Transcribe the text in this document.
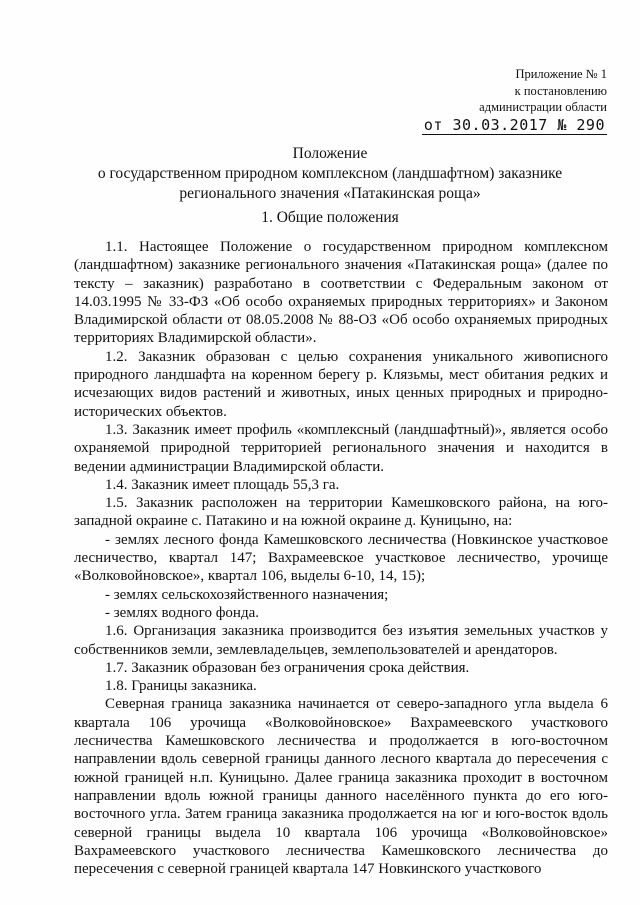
Приложение № 1
к постановлению
администрации области
от 30.03.2017 № 290
Положение
о государственном природном комплексном (ландшафтном) заказнике
регионального значения «Патакинская роща»
1. Общие положения

1.1. Настоящее Положение о государственном природном комплексном (ландшафтном) заказнике регионального значения «Патакинская роща» (далее по тексту – заказник) разработано в соответствии с Федеральным законом от 14.03.1995 № 33-ФЗ «Об особо охраняемых природных территориях» и Законом Владимирской области от 08.05.2008 № 88-ОЗ «Об особо охраняемых природных территориях Владимирской области».

1.2. Заказник образован с целью сохранения уникального живописного природного ландшафта на коренном берегу р. Клязьмы, мест обитания редких и исчезающих видов растений и животных, иных ценных природных и природно-исторических объектов.

1.3. Заказник имеет профиль «комплексный (ландшафтный)», является особо охраняемой природной территорией регионального значения и находится в ведении администрации Владимирской области.

1.4. Заказник имеет площадь 55,3 га.

1.5. Заказник расположен на территории Камешковского района, на юго-западной окраине с. Патакино и на южной окраине д. Куницыно, на:

- землях лесного фонда Камешковского лесничества (Новкинское участковое лесничество, квартал 147; Вахрамеевское участковое лесничество, урочище «Волковойновское», квартал 106, выделы 6-10, 14, 15);

- землях сельскохозяйственного назначения;

- землях водного фонда.

1.6. Организация заказника производится без изъятия земельных участков у собственников земли, землевладельцев, землепользователей и арендаторов.

1.7. Заказник образован без ограничения срока действия.

1.8. Границы заказника.

Северная граница заказника начинается от северо-западного угла выдела 6 квартала 106 урочища «Волковойновское» Вахрамеевского участкового лесничества Камешковского лесничества и продолжается в юго-восточном направлении вдоль северной границы данного лесного квартала до пересечения с южной границей н.п. Куницыно. Далее граница заказника проходит в восточном направлении вдоль южной границы данного населённого пункта до его юго-восточного угла. Затем граница заказника продолжается на юг и юго-восток вдоль северной границы выдела 10 квартала 106 урочища «Волковойновское» Вахрамеевского участкового лесничества Камешковского лесничества до пересечения с северной границей квартала 147 Новкинского участкового
